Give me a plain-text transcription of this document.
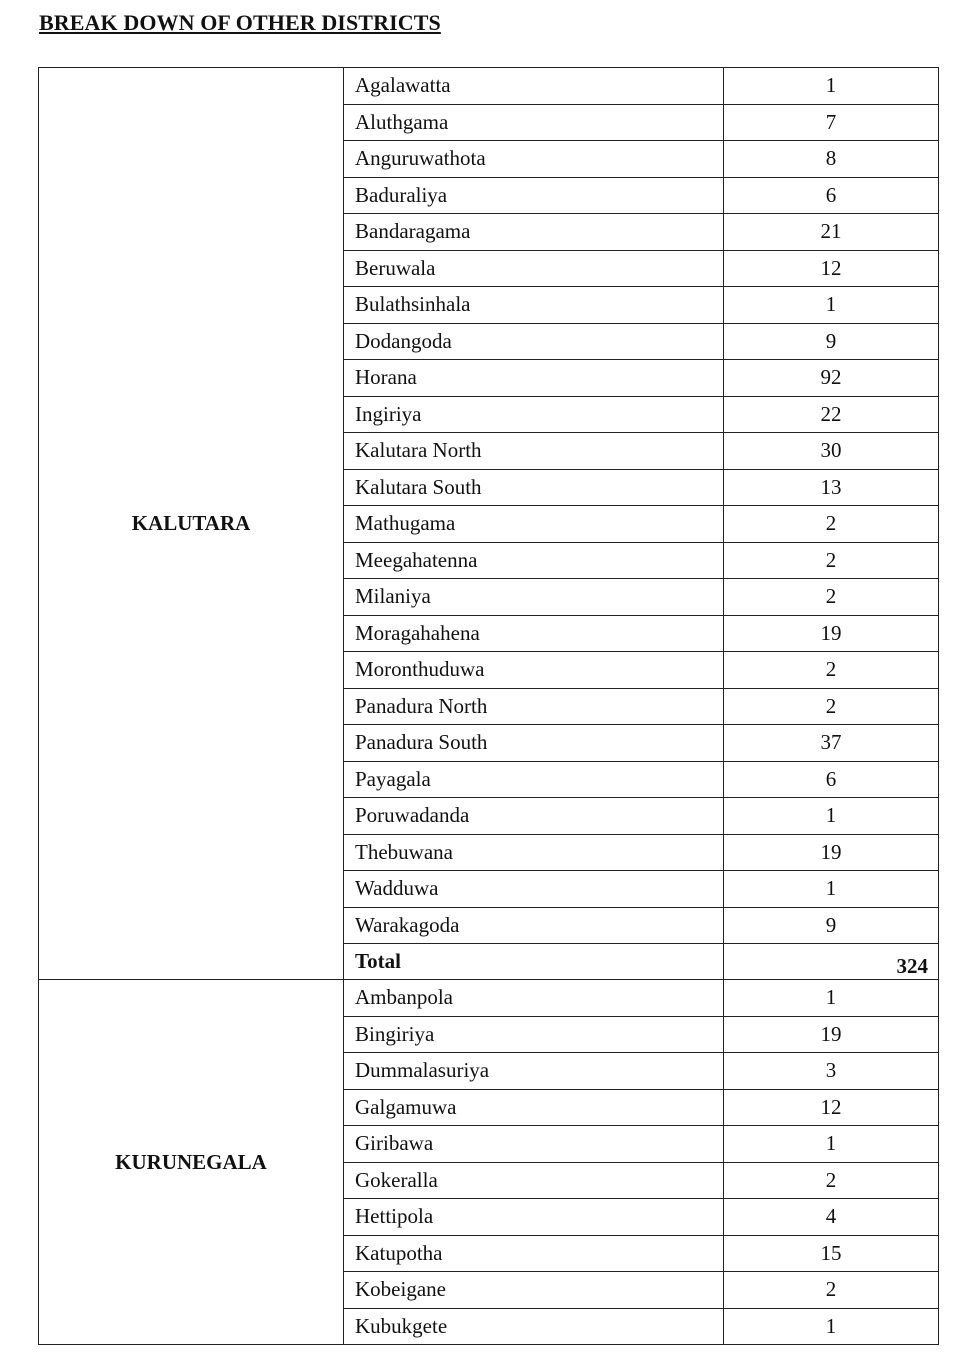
BREAK DOWN OF OTHER DISTRICTS
KALUTARA	Agalawatta	1
	Aluthgama	7
	Anguruwathota	8
	Baduraliya	6
	Bandaragama	21
	Beruwala	12
	Bulathsinhala	1
	Dodangoda	9
	Horana	92
	Ingiriya	22
	Kalutara North	30
	Kalutara South	13
	Mathugama	2
	Meegahatenna	2
	Milaniya	2
	Moragahahena	19
	Moronthuduwa	2
	Panadura North	2
	Panadura South	37
	Payagala	6
	Poruwadanda	1
	Thebuwana	19
	Wadduwa	1
	Warakagoda	9
	Total	324
KURUNEGALA	Ambanpola	1
	Bingiriya	19
	Dummalasuriya	3
	Galgamuwa	12
	Giribawa	1
	Gokeralla	2
	Hettipola	4
	Katupotha	15
	Kobeigane	2
	Kubukgete	1
